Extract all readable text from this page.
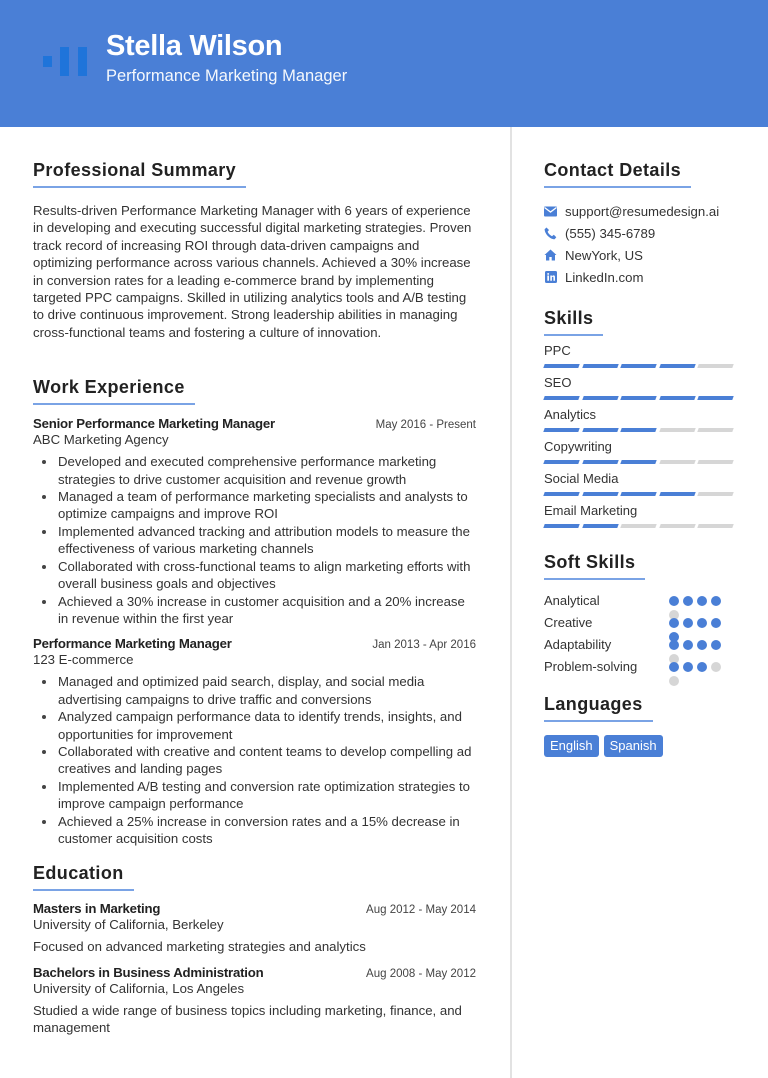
Stella Wilson
Performance Marketing Manager
Professional Summary

Results-driven Performance Marketing Manager with 6 years of experience in developing and executing successful digital marketing strategies. Proven track record of increasing ROI through data-driven campaigns and optimizing performance across various channels. Achieved a 30% increase in conversion rates for a leading e-commerce brand by implementing targeted PPC campaigns. Skilled in utilizing analytics tools and A/B testing to drive continuous improvement. Strong leadership abilities in managing cross-functional teams and fostering a culture of innovation.

Work Experience
Senior Performance Marketing Manager	May 2016 - Present
ABC Marketing Agency
Developed and executed comprehensive performance marketing strategies to drive customer acquisition and revenue growth
Managed a team of performance marketing specialists and analysts to optimize campaigns and improve ROI
Implemented advanced tracking and attribution models to measure the effectiveness of various marketing channels
Collaborated with cross-functional teams to align marketing efforts with overall business goals and objectives
Achieved a 30% increase in customer acquisition and a 20% increase in revenue within the first year
Performance Marketing Manager	Jan 2013 - Apr 2016
123 E-commerce
Managed and optimized paid search, display, and social media advertising campaigns to drive traffic and conversions
Analyzed campaign performance data to identify trends, insights, and opportunities for improvement
Collaborated with creative and content teams to develop compelling ad creatives and landing pages
Implemented A/B testing and conversion rate optimization strategies to improve campaign performance
Achieved a 25% increase in conversion rates and a 15% decrease in customer acquisition costs
Education
Masters in Marketing	Aug 2012 - May 2014
University of California, Berkeley
Focused on advanced marketing strategies and analytics
Bachelors in Business Administration	Aug 2008 - May 2012
University of California, Los Angeles
Studied a wide range of business topics including marketing, finance, and management
Contact Details
support@resumedesign.ai
(555) 345-6789
NewYork, US
LinkedIn.com
Skills
PPC
SEO
Analytics
Copywriting
Social Media
Email Marketing
Soft Skills
Analytical
Creative
Adaptability
Problem-solving
Languages
English	Spanish
